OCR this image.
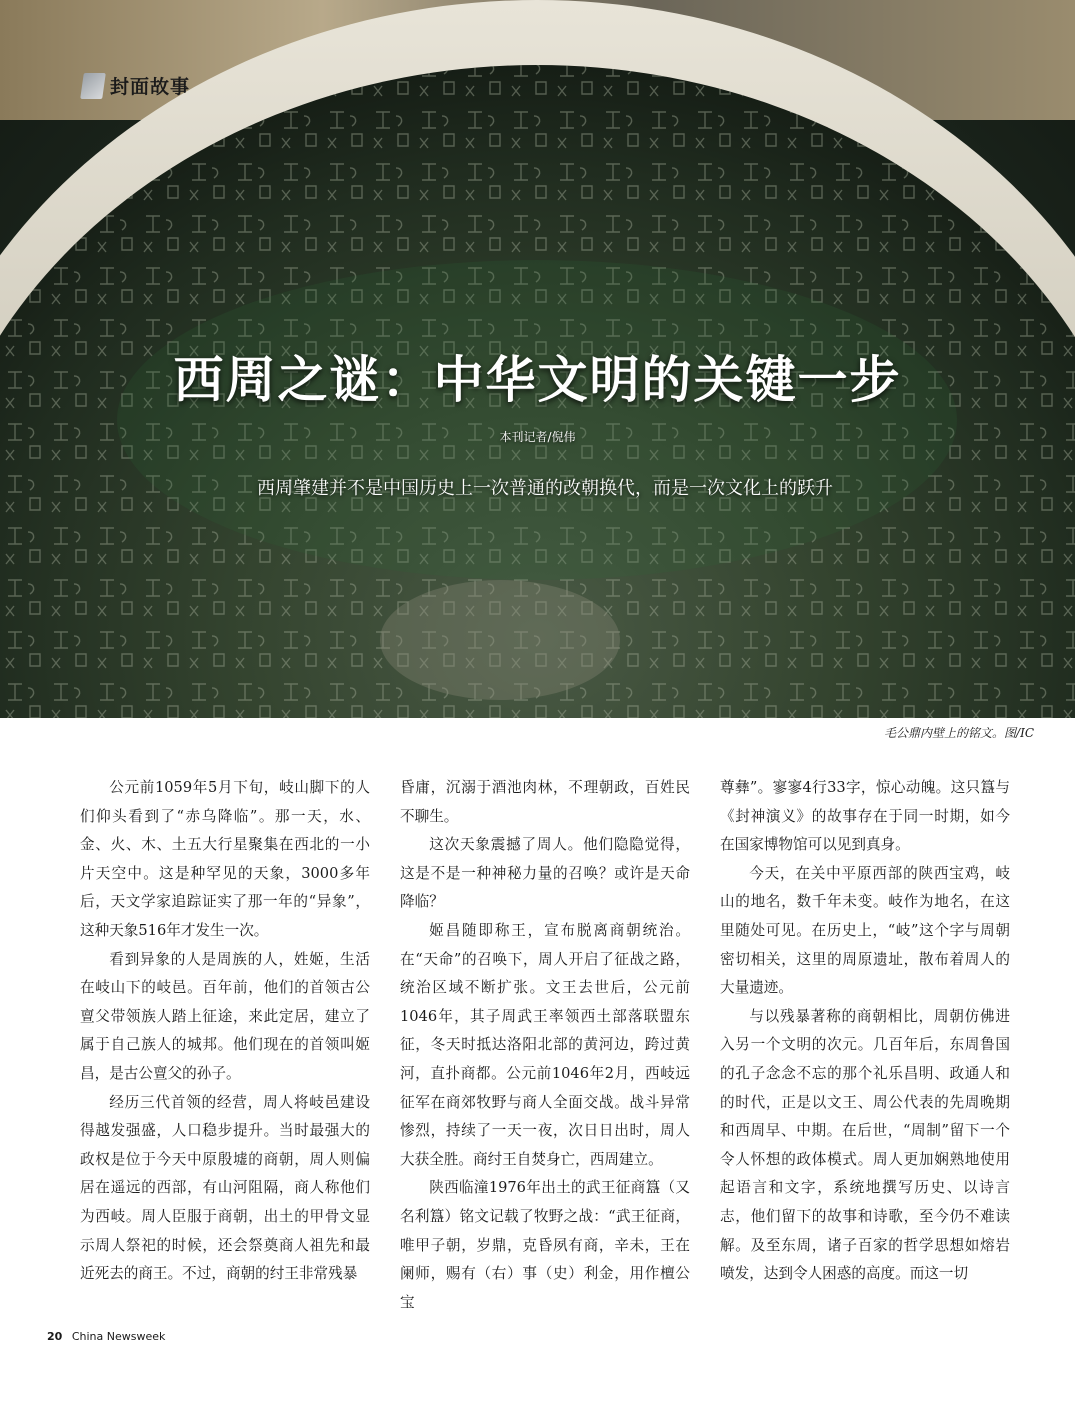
封面故事
西周之谜：中华文明的关键一步
本刊记者/倪伟
西周肇建并不是中国历史上一次普通的改朝换代，而是一次文化上的跃升
毛公鼎内壁上的铭文。图/IC

公元前1059年5月下旬，岐山脚下的人们仰头看到了“赤乌降临”。那一天，水、金、火、木、土五大行星聚集在西北的一小片天空中。这是种罕见的天象，3000多年后，天文学家追踪证实了那一年的“异象”，这种天象516年才发生一次。

看到异象的人是周族的人，姓姬，生活在岐山下的岐邑。百年前，他们的首领古公亶父带领族人踏上征途，来此定居，建立了属于自己族人的城邦。他们现在的首领叫姬昌，是古公亶父的孙子。

经历三代首领的经营，周人将岐邑建设得越发强盛，人口稳步提升。当时最强大的政权是位于今天中原殷墟的商朝，周人则偏居在遥远的西部，有山河阻隔，商人称他们为西岐。周人臣服于商朝，出土的甲骨文显示周人祭祀的时候，还会祭奠商人祖先和最近死去的商王。不过，商朝的纣王非常残暴

昏庸，沉溺于酒池肉林，不理朝政，百姓民不聊生。

这次天象震撼了周人。他们隐隐觉得，这是不是一种神秘力量的召唤？或许是天命降临？

姬昌随即称王，宣布脱离商朝统治。在“天命”的召唤下，周人开启了征战之路，统治区域不断扩张。文王去世后，公元前1046年，其子周武王率领西土部落联盟东征，冬天时抵达洛阳北部的黄河边，跨过黄河，直扑商都。公元前1046年2月，西岐远征军在商郊牧野与商人全面交战。战斗异常惨烈，持续了一天一夜，次日日出时，周人大获全胜。商纣王自焚身亡，西周建立。

陕西临潼1976年出土的武王征商簋（又名利簋）铭文记载了牧野之战：“武王征商，唯甲子朝，岁鼎，克昏夙有商，辛未，王在阑师，赐有（右）事（史）利金，用作檀公宝

尊彝”。寥寥4行33字，惊心动魄。这只簋与《封神演义》的故事存在于同一时期，如今在国家博物馆可以见到真身。

今天，在关中平原西部的陕西宝鸡，岐山的地名，数千年未变。岐作为地名，在这里随处可见。在历史上，“岐”这个字与周朝密切相关，这里的周原遗址，散布着周人的大量遗迹。

与以残暴著称的商朝相比，周朝仿佛进入另一个文明的次元。几百年后，东周鲁国的孔子念念不忘的那个礼乐昌明、政通人和的时代，正是以文王、周公代表的先周晚期和西周早、中期。在后世，“周制”留下一个令人怀想的政体模式。周人更加娴熟地使用起语言和文字，系统地撰写历史、以诗言志，他们留下的故事和诗歌，至今仍不难读解。及至东周，诸子百家的哲学思想如熔岩喷发，达到令人困惑的高度。而这一切

20 China Newsweek
